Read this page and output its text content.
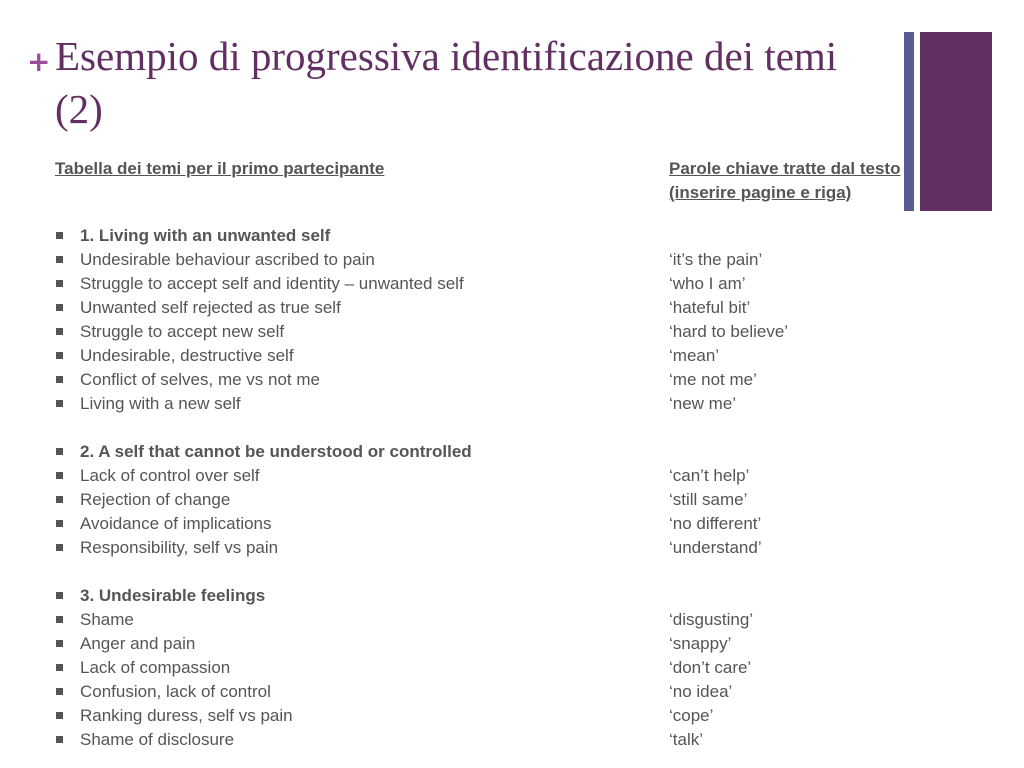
+ Esempio di progressiva identificazione dei temi (2)
Tabella dei temi per il primo partecipante	Parole chiave tratte dal testo (inserire pagine e riga)
1. Living with an unwanted self
Undesirable behaviour ascribed to pain	‘it’s the pain’
Struggle to accept self and identity – unwanted self	‘who I am’
Unwanted self rejected as true self	‘hateful bit’
Struggle to accept new self	‘hard to believe’
Undesirable, destructive self	‘mean’
Conflict of selves, me vs not me	‘me not me’
Living with a new self	‘new me’
2. A self that cannot be understood or controlled
Lack of control over self	‘can’t help’
Rejection of change	‘still same’
Avoidance of implications	‘no different’
Responsibility, self vs pain	‘understand’
3. Undesirable feelings
Shame	‘disgusting’
Anger and pain	‘snappy’
Lack of compassion	‘don’t care’
Confusion, lack of control	‘no idea’
Ranking duress, self vs pain	‘cope’
Shame of disclosure	‘talk’
